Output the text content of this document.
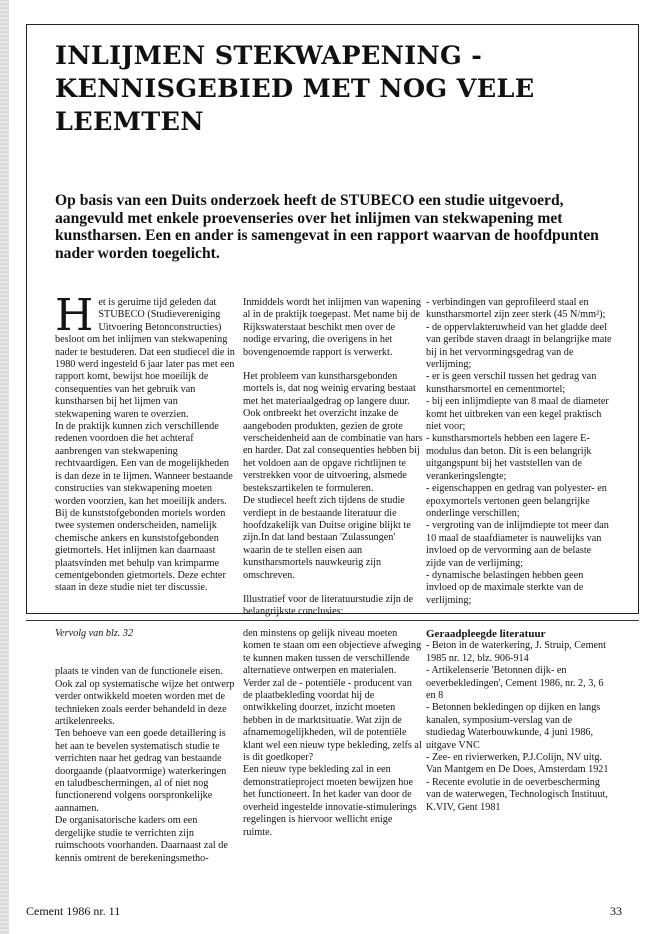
INLIJMEN STEKWAPENING - KENNISGEBIED MET NOG VELE LEEMTEN

Op basis van een Duits onderzoek heeft de STUBECO een studie uitgevoerd, aangevuld met enkele proevenseries over het inlijmen van stekwapening met kunstharsen. Een en ander is samengevat in een rapport waarvan de hoofdpunten nader worden toegelicht.

Het is geruime tijd geleden dat STUBECO (Studievereniging Uitvoering Betonconstructies) besloot om het inlijmen van stekwapening nader te bestuderen. Dat een studiecel die in 1980 werd ingesteld 6 jaar later pas met een rapport komt, bewijst hoe moeilijk de consequenties van het gebruik van kunstharsen bij het lijmen van stekwapening waren te overzien.

In de praktijk kunnen zich verschillende redenen voordoen die het achteraf aanbrengen van stekwapening rechtvaardigen. Een van de mogelijkheden is dan deze in te lijmen. Wanneer bestaande constructies van stekwapening moeten worden voorzien, kan het moeilijk anders.

Bij de kunststofgebonden mortels worden twee systemen onderscheiden, namelijk chemische ankers en kunststofgebonden gietmortels. Het inlijmen kan daarnaast plaatsvinden met behulp van krimparme cementgebonden gietmortels. Deze echter staan in deze studie niet ter discussie.

Inmiddels wordt het inlijmen van wapening al in de praktijk toegepast. Met name bij de Rijkswaterstaat beschikt men over de nodige ervaring, die overigens in het bovengenoemde rapport is verwerkt.

Het probleem van kunstharsgebonden mortels is, dat nog weinig ervaring bestaat met het materiaalgedrag op langere duur. Ook ontbreekt het overzicht inzake de aangeboden produkten, gezien de grote verscheidenheid aan de combinatie van hars en harder. Dat zal consequenties hebben bij het voldoen aan de opgave richtlijnen te verstrekken voor de uitvoering, alsmede bestekszartikelen te formuleren.

De studiecel heeft zich tijdens de studie verdiept in de bestaande literatuur die hoofdzakelijk van Duitse origine blijkt te zijn.In dat land bestaan 'Zulassungen' waarin de te stellen eisen aan kunstharsmortels nauwkeurig zijn omschreven.

Illustratief voor de literatuurstudie zijn de belangrijkste conclusies:

- verbindingen van geprofileerd staal en kunstharsmortel zijn zeer sterk (45 N/mm²);

- de oppervlakteruwheid van het gladde deel van geribde staven draagt in belangrijke mate bij in het vervormingsgedrag van de verlijming;

- er is geen verschil tussen het gedrag van kunstharsmortel en cementmortel;

- bij een inlijmdiepte van 8 maal de diameter komt het uitbreken van een kegel praktisch niet voor;

- kunstharsmortels hebben een lagere E-modulus dan beton. Dit is een belangrijk uitgangspunt bij het vaststellen van de verankeringslengte;

- eigenschappen en gedrag van polyester- en epoxymortels vertonen geen belangrijke onderlinge verschillen;

- vergroting van de inlijmdiepte tot meer dan 10 maal de staafdiameter is nauwelijks van invloed op de vervorming aan de belaste zijde van de verlijming;

- dynamische belastingen hebben geen invloed op de maximale sterkte van de verlijming;

Vervolg van blz. 32

plaats te vinden van de functionele eisen. Ook zal op systematische wijze het ontwerp verder ontwikkeld moeten worden met de technieken zoals eerder behandeld in deze artikelenreeks.

Ten behoeve van een goede detaillering is het aan te bevelen systematisch studie te verrichten naar het gedrag van bestaande doorgaande (plaatvormige) waterkeringen en taludbeschermingen, al of niet nog functionerend volgens oorspronkelijke aannamen.

De organisatorische kaders om een dergelijke studie te verrichten zijn ruimschoots voorhanden. Daarnaast zal de kennis omtrent de berekeningsmetho-

den minstens op gelijk niveau moeten komen te staan om een objectieve afweging te kunnen maken tussen de verschillende alternatieve ontwerpen en materialen.

Verder zal de - potentiële - producent van de plaatbekleding voordat hij de ontwikkeling doorzet, inzicht moeten hebben in de marktsituatie. Wat zijn de afnamemogelijkheden, wil de potentiële klant wel een nieuw type bekleding, zelfs al is dit goedkoper?

Een nieuw type bekleding zal in een demonstratieproject moeten bewijzen hoe het functioneert. In het kader van door de overheid ingestelde innovatie-stimulerings regelingen is hiervoor wellicht enige ruimte.

Geraadpleegde literatuur

- Beton in de waterkering, J. Struip, Cement 1985 nr. 12, blz. 906-914

- Artikelenserie 'Betonnen dijk- en oeverbekledingen', Cement 1986, nr. 2, 3, 6 en 8

- Betonnen bekledingen op dijken en langs kanalen, symposium-verslag van de studiedag Waterbouwkunde, 4 juni 1986, uitgave VNC

- Zee- en rivierwerken, P.J.Colijn, NV uitg. Van Mantgem en De Does, Amsterdam 1921

- Recente evolutie in de oeverbescherming van de waterwegen, Technologisch Instituut, K.VIV, Gent 1981

Cement 1986 nr. 11	33
